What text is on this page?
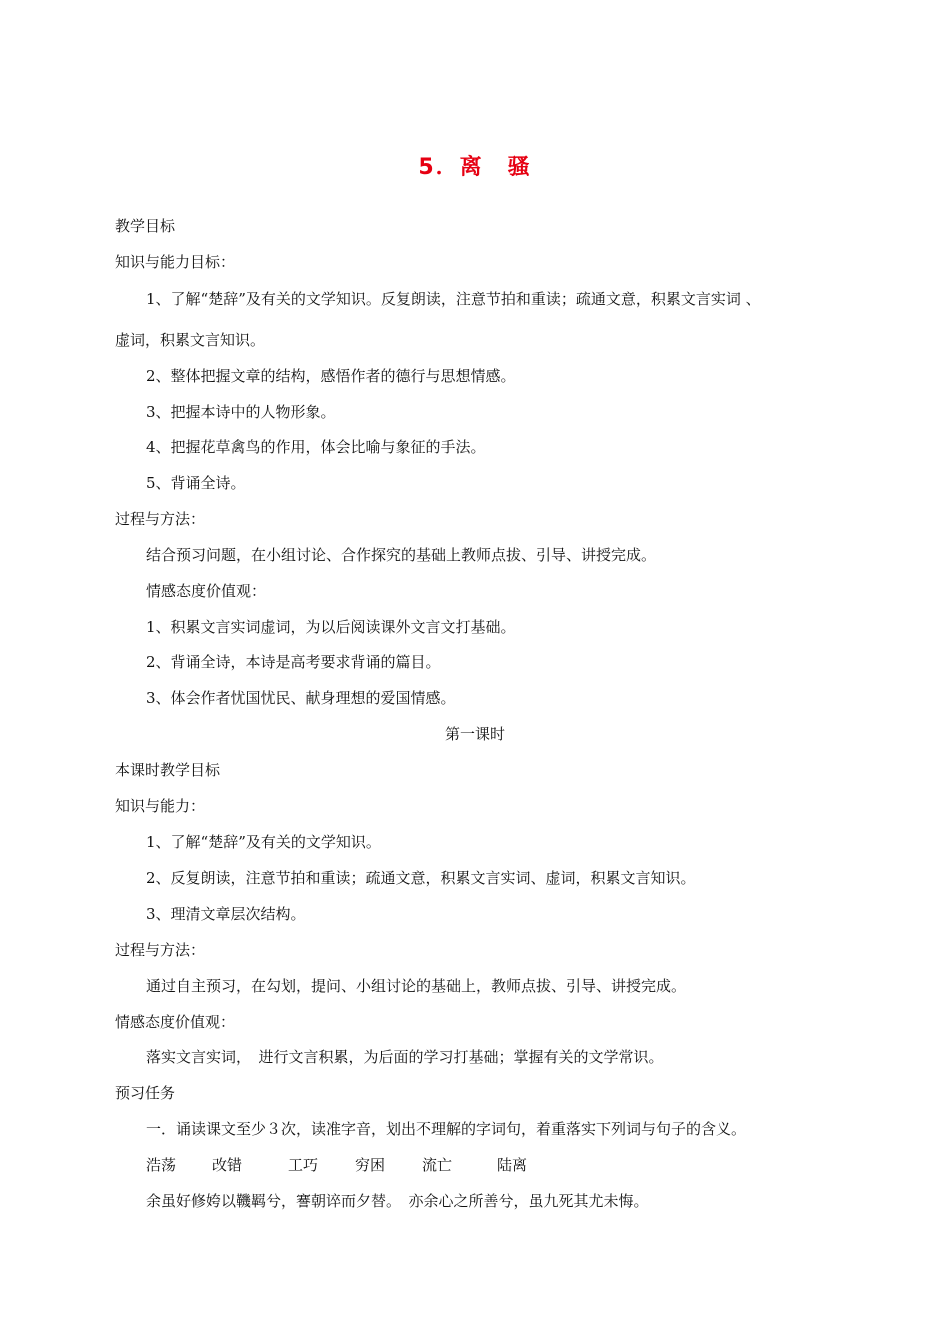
5．离　骚
教学目标
知识与能力目标：
1、了解“楚辞”及有关的文学知识。反复朗读，注意节拍和重读；疏通文意，积累文言实词 、
虚词，积累文言知识。
2、整体把握文章的结构，感悟作者的德行与思想情感。
3、把握本诗中的人物形象。
4、把握花草禽鸟的作用，体会比喻与象征的手法。
5、背诵全诗。
过程与方法：
结合预习问题，在小组讨论、合作探究的基础上教师点拔、引导、讲授完成。
情感态度价值观：
1、积累文言实词虚词，为以后阅读课外文言文打基础。
2、背诵全诗，本诗是高考要求背诵的篇目。
3、体会作者忧国忧民、献身理想的爱国情感。
第一课时
本课时教学目标
知识与能力：
1、了解“楚辞”及有关的文学知识。
2、反复朗读，注意节拍和重读；疏通文意，积累文言实词、虚词，积累文言知识。
3、理清文章层次结构。
过程与方法：
通过自主预习，在勾划，提问、小组讨论的基础上，教师点拔、引导、讲授完成。
情感态度价值观：
落实文言实词，　进行文言积累，为后面的学习打基础；掌握有关的文学常识。
预习任务
一．诵读课文至少３次，读准字音，划出不理解的字词句，着重落实下列词与句子的含义。
浩荡 改错	工巧 穷困 流亡	陆离
余虽好修姱以鞿羁兮，謇朝谇而夕替。　亦余心之所善兮，虽九死其尤未悔。
